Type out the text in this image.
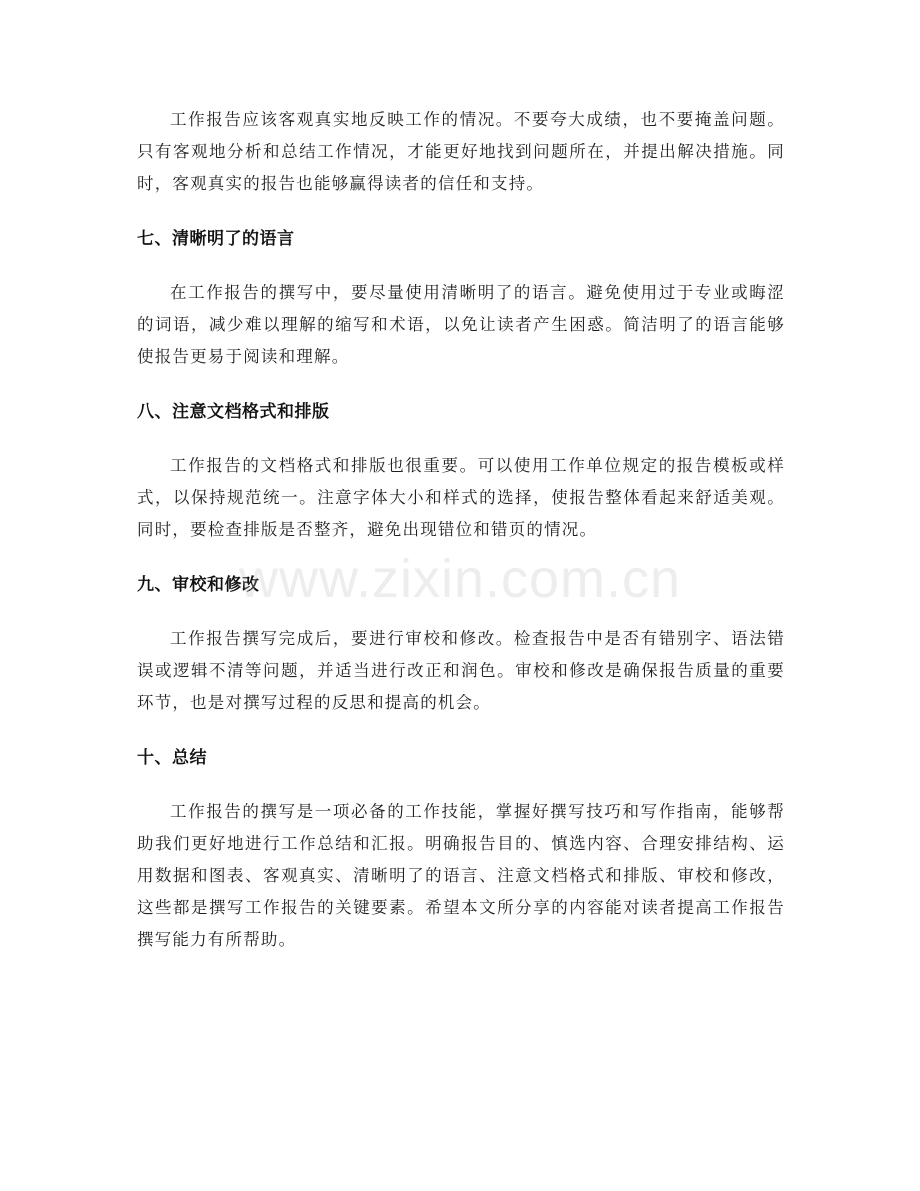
工作报告应该客观真实地反映工作的情况。不要夸大成绩，也不要掩盖问题。只有客观地分析和总结工作情况，才能更好地找到问题所在，并提出解决措施。同时，客观真实的报告也能够赢得读者的信任和支持。

七、清晰明了的语言

在工作报告的撰写中，要尽量使用清晰明了的语言。避免使用过于专业或晦涩的词语，减少难以理解的缩写和术语，以免让读者产生困惑。简洁明了的语言能够使报告更易于阅读和理解。

八、注意文档格式和排版

工作报告的文档格式和排版也很重要。可以使用工作单位规定的报告模板或样式，以保持规范统一。注意字体大小和样式的选择，使报告整体看起来舒适美观。同时，要检查排版是否整齐，避免出现错位和错页的情况。

九、审校和修改

工作报告撰写完成后，要进行审校和修改。检查报告中是否有错别字、语法错误或逻辑不清等问题，并适当进行改正和润色。审校和修改是确保报告质量的重要环节，也是对撰写过程的反思和提高的机会。

十、总结

工作报告的撰写是一项必备的工作技能，掌握好撰写技巧和写作指南，能够帮助我们更好地进行工作总结和汇报。明确报告目的、慎选内容、合理安排结构、运用数据和图表、客观真实、清晰明了的语言、注意文档格式和排版、审校和修改，这些都是撰写工作报告的关键要素。希望本文所分享的内容能对读者提高工作报告撰写能力有所帮助。

www.zixin.com.cn
